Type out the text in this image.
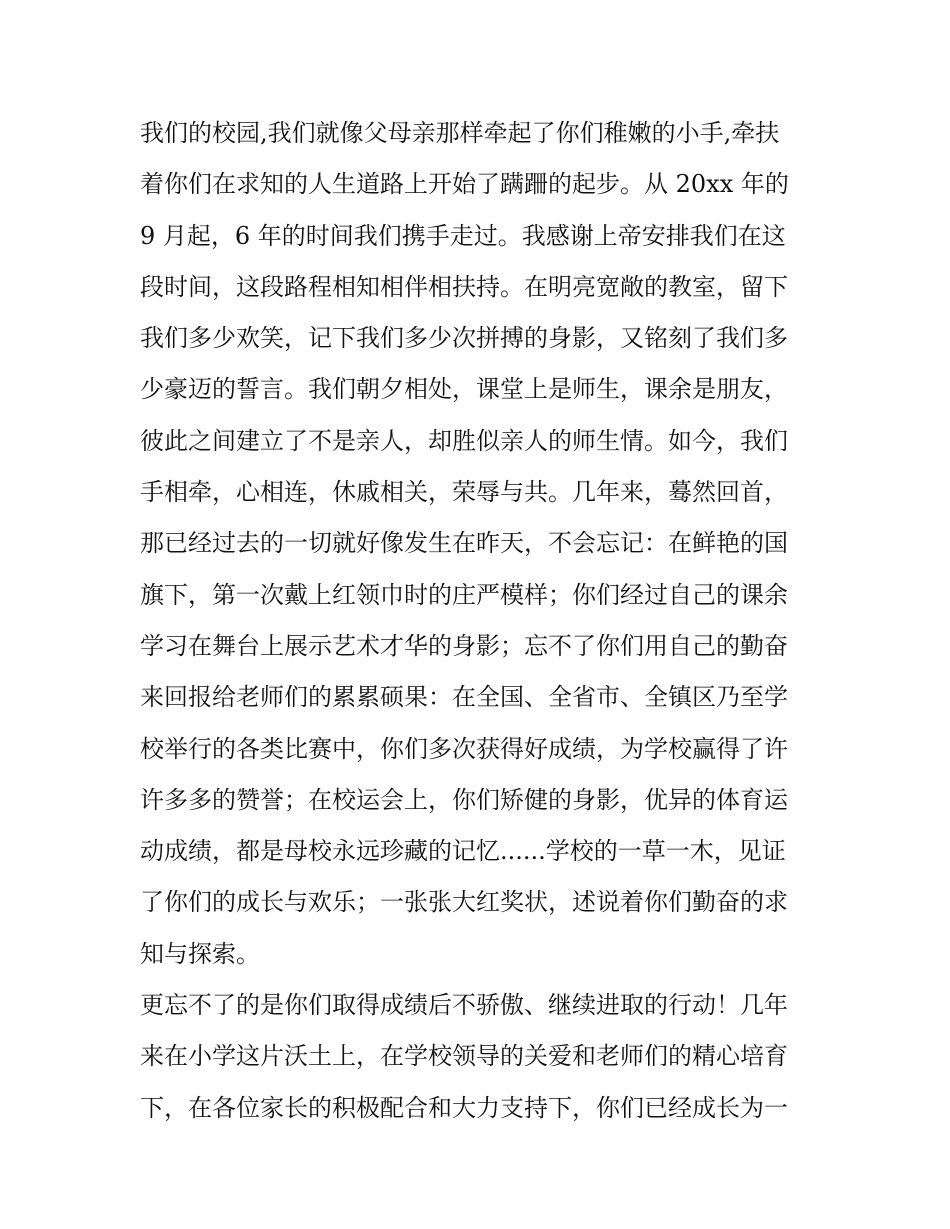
我们的校园,我们就像父母亲那样牵起了你们稚嫩的小手,牵扶
着你们在求知的人生道路上开始了蹒跚的起步。从 20xx 年的
9 月起，6 年的时间我们携手走过。我感谢上帝安排我们在这
段时间，这段路程相知相伴相扶持。在明亮宽敞的教室，留下
我们多少欢笑，记下我们多少次拼搏的身影，又铭刻了我们多
少豪迈的誓言。我们朝夕相处，课堂上是师生，课余是朋友，
彼此之间建立了不是亲人，却胜似亲人的师生情。如今，我们
手相牵，心相连，休戚相关，荣辱与共。几年来，蓦然回首，
那已经过去的一切就好像发生在昨天，不会忘记：在鲜艳的国
旗下，第一次戴上红领巾时的庄严模样；你们经过自己的课余
学习在舞台上展示艺术才华的身影；忘不了你们用自己的勤奋
来回报给老师们的累累硕果：在全国、全省市、全镇区乃至学
校举行的各类比赛中，你们多次获得好成绩，为学校赢得了许
许多多的赞誉；在校运会上，你们矫健的身影，优异的体育运
动成绩，都是母校永远珍藏的记忆......学校的一草一木，见证
了你们的成长与欢乐；一张张大红奖状，述说着你们勤奋的求
知与探索。
更忘不了的是你们取得成绩后不骄傲、继续进取的行动！几年
来在小学这片沃土上，在学校领导的关爱和老师们的精心培育
下，在各位家长的积极配合和大力支持下，你们已经成长为一
